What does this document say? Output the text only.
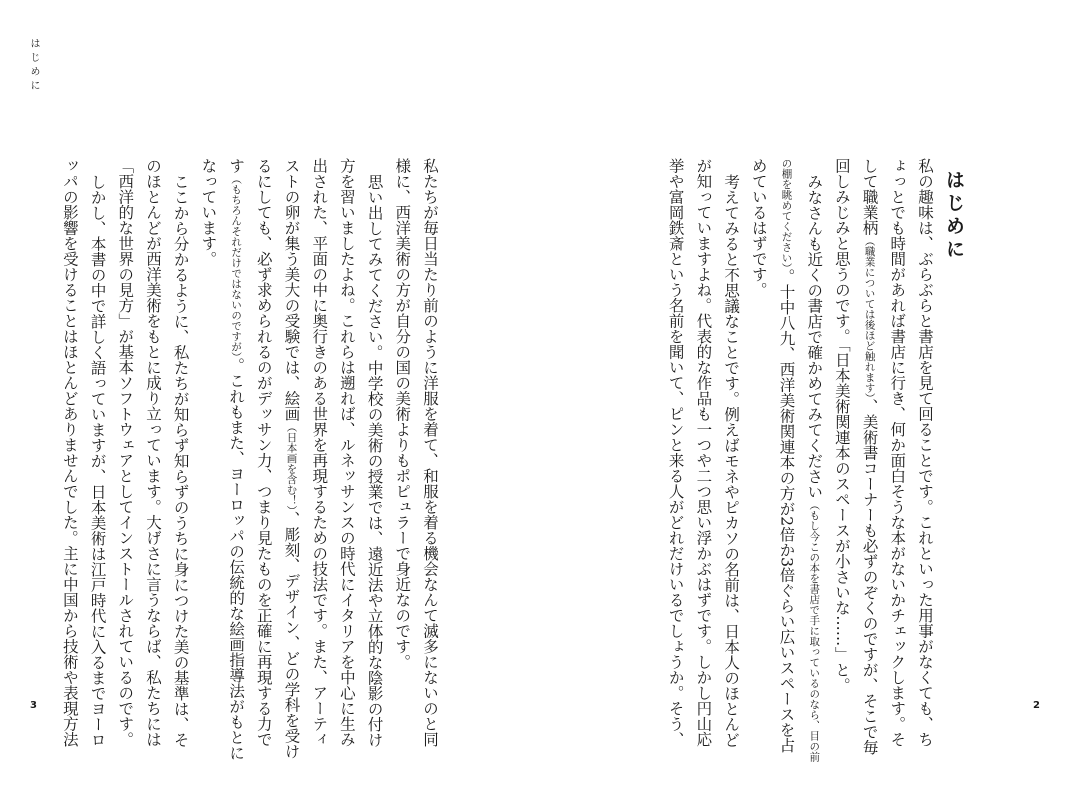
はじめに

私たちが毎日当たり前のように洋服を着て、和服を着る機会なんて滅多にないのと同様に、西洋美術の方が自分の国の美術よりもポピュラーで身近なのです。

思い出してみてください。中学校の美術の授業では、遠近法や立体的な陰影の付け方を習いましたよね。これらは遡れば、ルネッサンスの時代にイタリアを中心に生み出された、平面の中に奥行きのある世界を再現するための技法です。また、アーティストの卵が集う美大の受験では、絵画（日本画を含む！）、彫刻、デザイン、どの学科を受けるにしても、必ず求められるのがデッサン力、つまり見たものを正確に再現する力です（もちろんそれだけではないのですが）。これもまた、ヨーロッパの伝統的な絵画指導法がもとになっています。

ここから分かるように、私たちが知らず知らずのうちに身につけた美の基準は、そのほとんどが西洋美術をもとに成り立っています。大げさに言うならば、私たちには「西洋的な世界の見方」が基本ソフトウェアとしてインストールされているのです。

しかし、本書の中で詳しく語っていますが、日本美術は江戸時代に入るまでヨーロッパの影響を受けることはほとんどありませんでした。主に中国から技術や表現方法

3
はじめに

私の趣味は、ぶらぶらと書店を見て回ることです。これといった用事がなくても、ちょっとでも時間があれば書店に行き、何か面白そうな本がないかチェックします。そして職業柄（職業については後ほど触れます）、美術書コーナーも必ずのぞくのですが、そこで毎回しみじみと思うのです。「日本美術関連本のスペースが小さいな……」と。

みなさんも近くの書店で確かめてみてください（もし今この本を書店で手に取っているのなら、目の前の棚を眺めてください）。十中八九、西洋美術関連本の方が2倍か3倍ぐらい広いスペースを占めているはずです。

考えてみると不思議なことです。例えばモネやピカソの名前は、日本人のほとんどが知っていますよね。代表的な作品も一つや二つ思い浮かぶはずです。しかし円山応挙や富岡鉄斎という名前を聞いて、ピンと来る人がどれだけいるでしょうか。そう、	2
